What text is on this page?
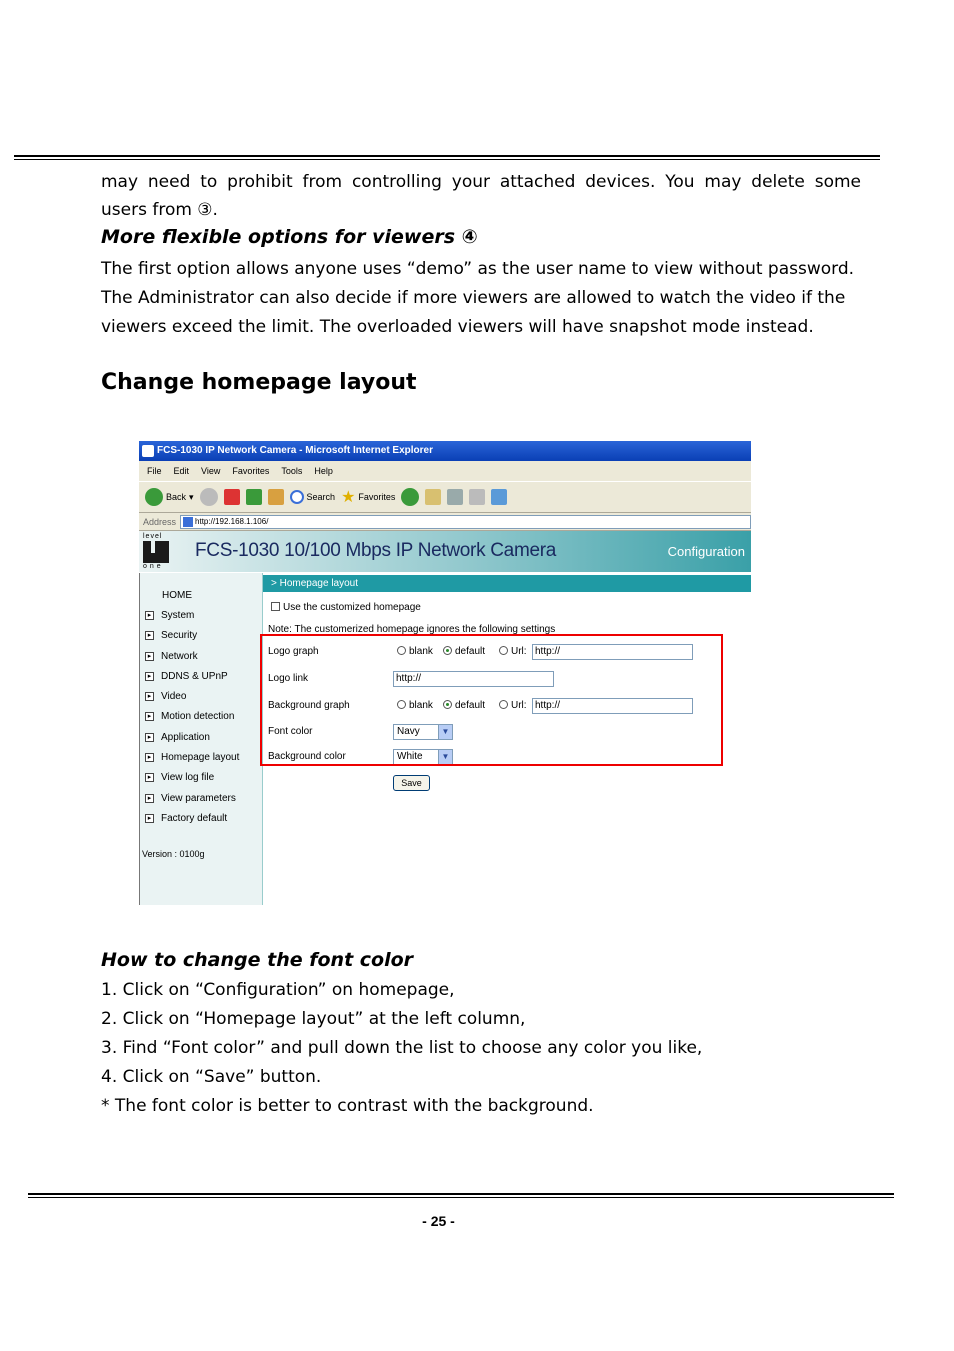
may need to prohibit from controlling your attached devices. You may delete some
users from ③.
More flexible options for viewers ④
The first option allows anyone uses “demo” as the user name to view without password.
The Administrator can also decide if more viewers are allowed to watch the video if the
viewers exceed the limit. The overloaded viewers will have snapshot mode instead.
Change homepage layout
FCS-1030 IP Network Camera - Microsoft Internet Explorer
File Edit View Favorites Tools Help
Back ▾	Search ★ Favorites
Address	http://192.168.1.106/
level
one
FCS-1030 10/100 Mbps IP Network Camera	Configuration
HOME
▸ System
▸ Security
▸ Network
▸ DDNS & UPnP
▸ Video
▸ Motion detection
▸ Application
▸ Homepage layout
▸ View log file
▸ View parameters
▸ Factory default
Version : 0100g
> Homepage layout
Use the customized homepage
Note: The customerized homepage ignores the following settings
Logo graph	blank	default	Url: http://
Logo link	http://
Background graph	blank	default	Url: http://
Font color	Navy	▼
Background color	White	▼
Save
How to change the font color
1. Click on “Configuration” on homepage,
2. Click on “Homepage layout” at the left column,
3. Find “Font color” and pull down the list to choose any color you like,
4. Click on “Save” button.
* The font color is better to contrast with the background.
- 25 -
